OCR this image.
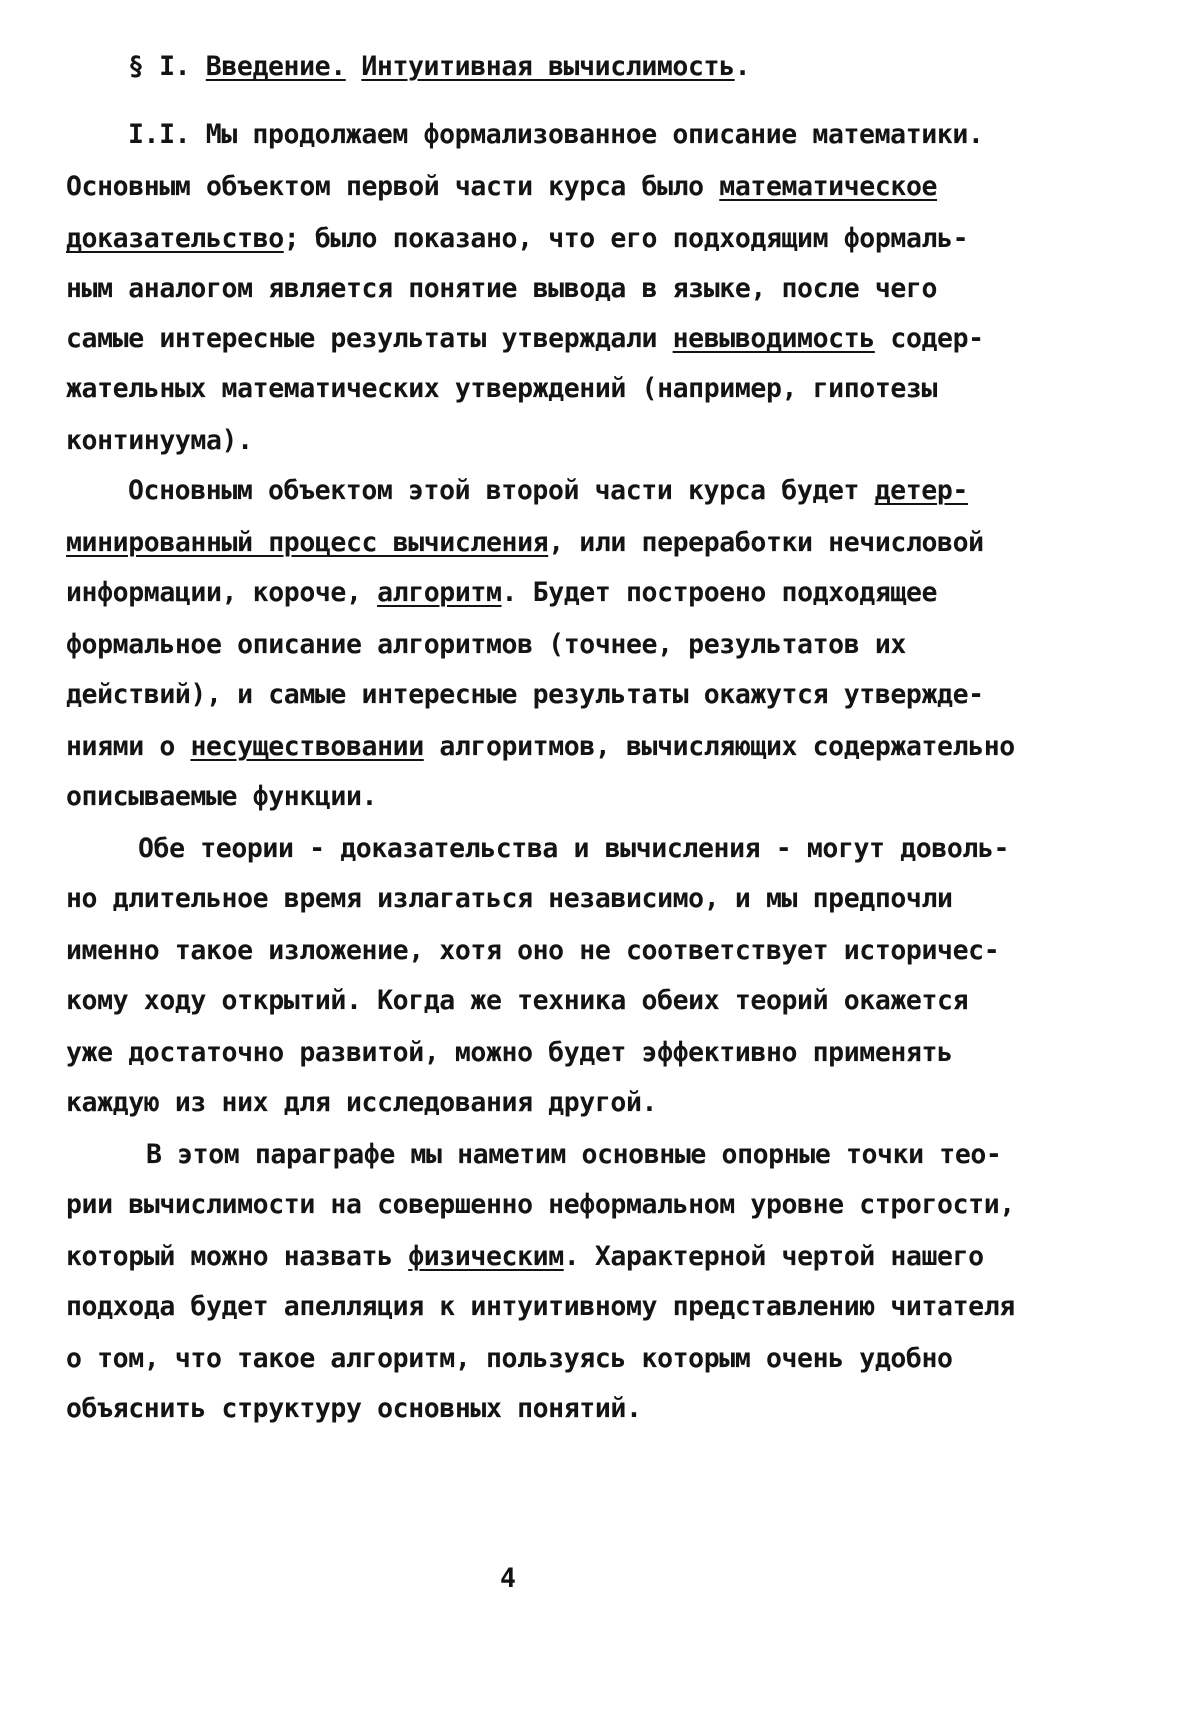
§ I. Введение. Интуитивная вычислимость.
I.I. Мы продолжаем формализованное описание математики.
Основным объектом первой части курса было математическое
доказательство; было показано, что его подходящим формаль-
ным аналогом является понятие вывода в языке, после чего
самые интересные результаты утверждали невыводимость содер-
жательных математических утверждений (например, гипотезы
континуума).
Основным объектом этой второй части курса будет детер-
минированный процесс вычисления, или переработки нечисловой
информации, короче, алгоритм. Будет построено подходящее
формальное описание алгоритмов (точнее, результатов их
действий), и самые интересные результаты окажутся утвержде-
ниями о несуществовании алгоритмов, вычисляющих содержательно
описываемые функции.
Обе теории - доказательства и вычисления - могут доволь-
но длительное время излагаться независимо, и мы предпочли
именно такое изложение, хотя оно не соответствует историчес-
кому ходу открытий. Когда же техника обеих теорий окажется
уже достаточно развитой, можно будет эффективно применять
каждую из них для исследования другой.
В этом параграфе мы наметим основные опорные точки тео-
рии вычислимости на совершенно неформальном уровне строгости,
который можно назвать физическим. Характерной чертой нашего
подхода будет апелляция к интуитивному представлению читателя
о том, что такое алгоритм, пользуясь которым очень удобно
объяснить структуру основных понятий.
4
